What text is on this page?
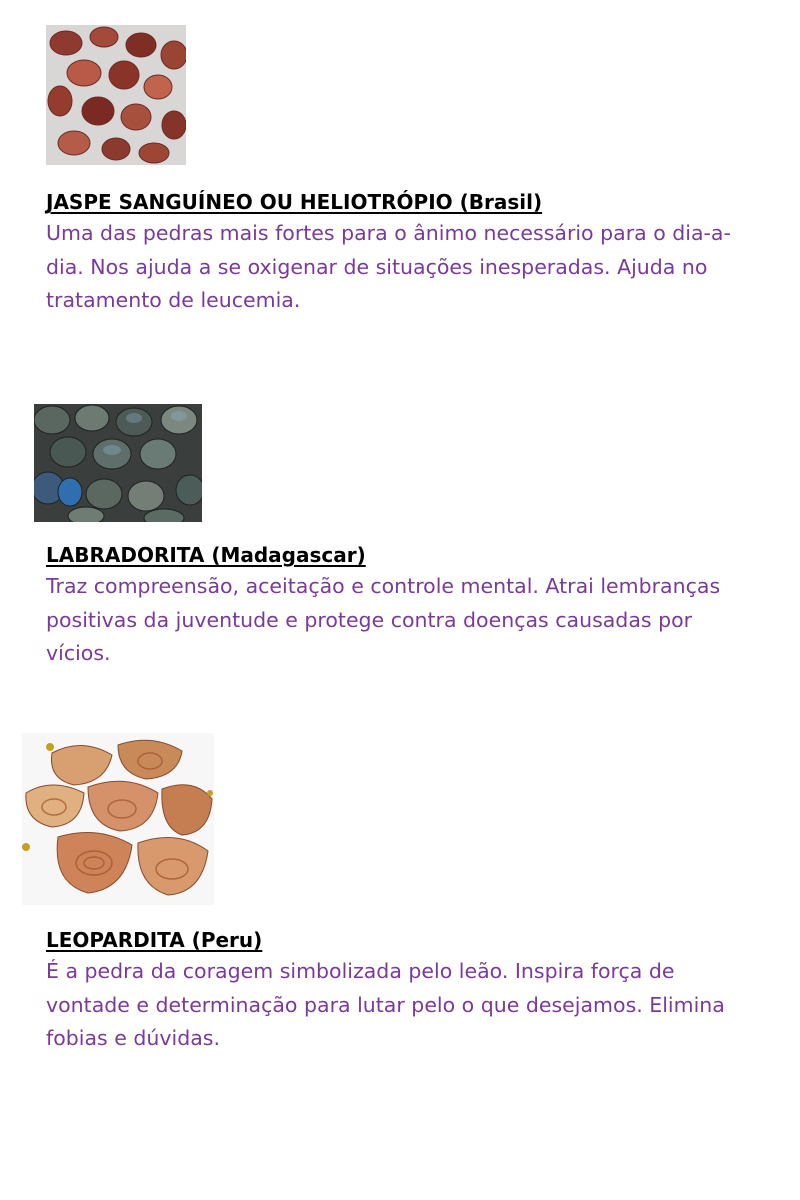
JASPE SANGUÍNEO OU HELIOTRÓPIO (Brasil)

Uma das pedras mais fortes para o ânimo necessário para o dia-a-dia. Nos ajuda a se oxigenar de situações inesperadas. Ajuda no tratamento de leucemia.

LABRADORITA (Madagascar)

Traz compreensão, aceitação e controle mental. Atrai lembranças positivas da juventude e protege contra doenças causadas por vícios.

LEOPARDITA (Peru)

É a pedra da coragem simbolizada pelo leão. Inspira força de vontade e determinação para lutar pelo o que desejamos. Elimina fobias e dúvidas.
